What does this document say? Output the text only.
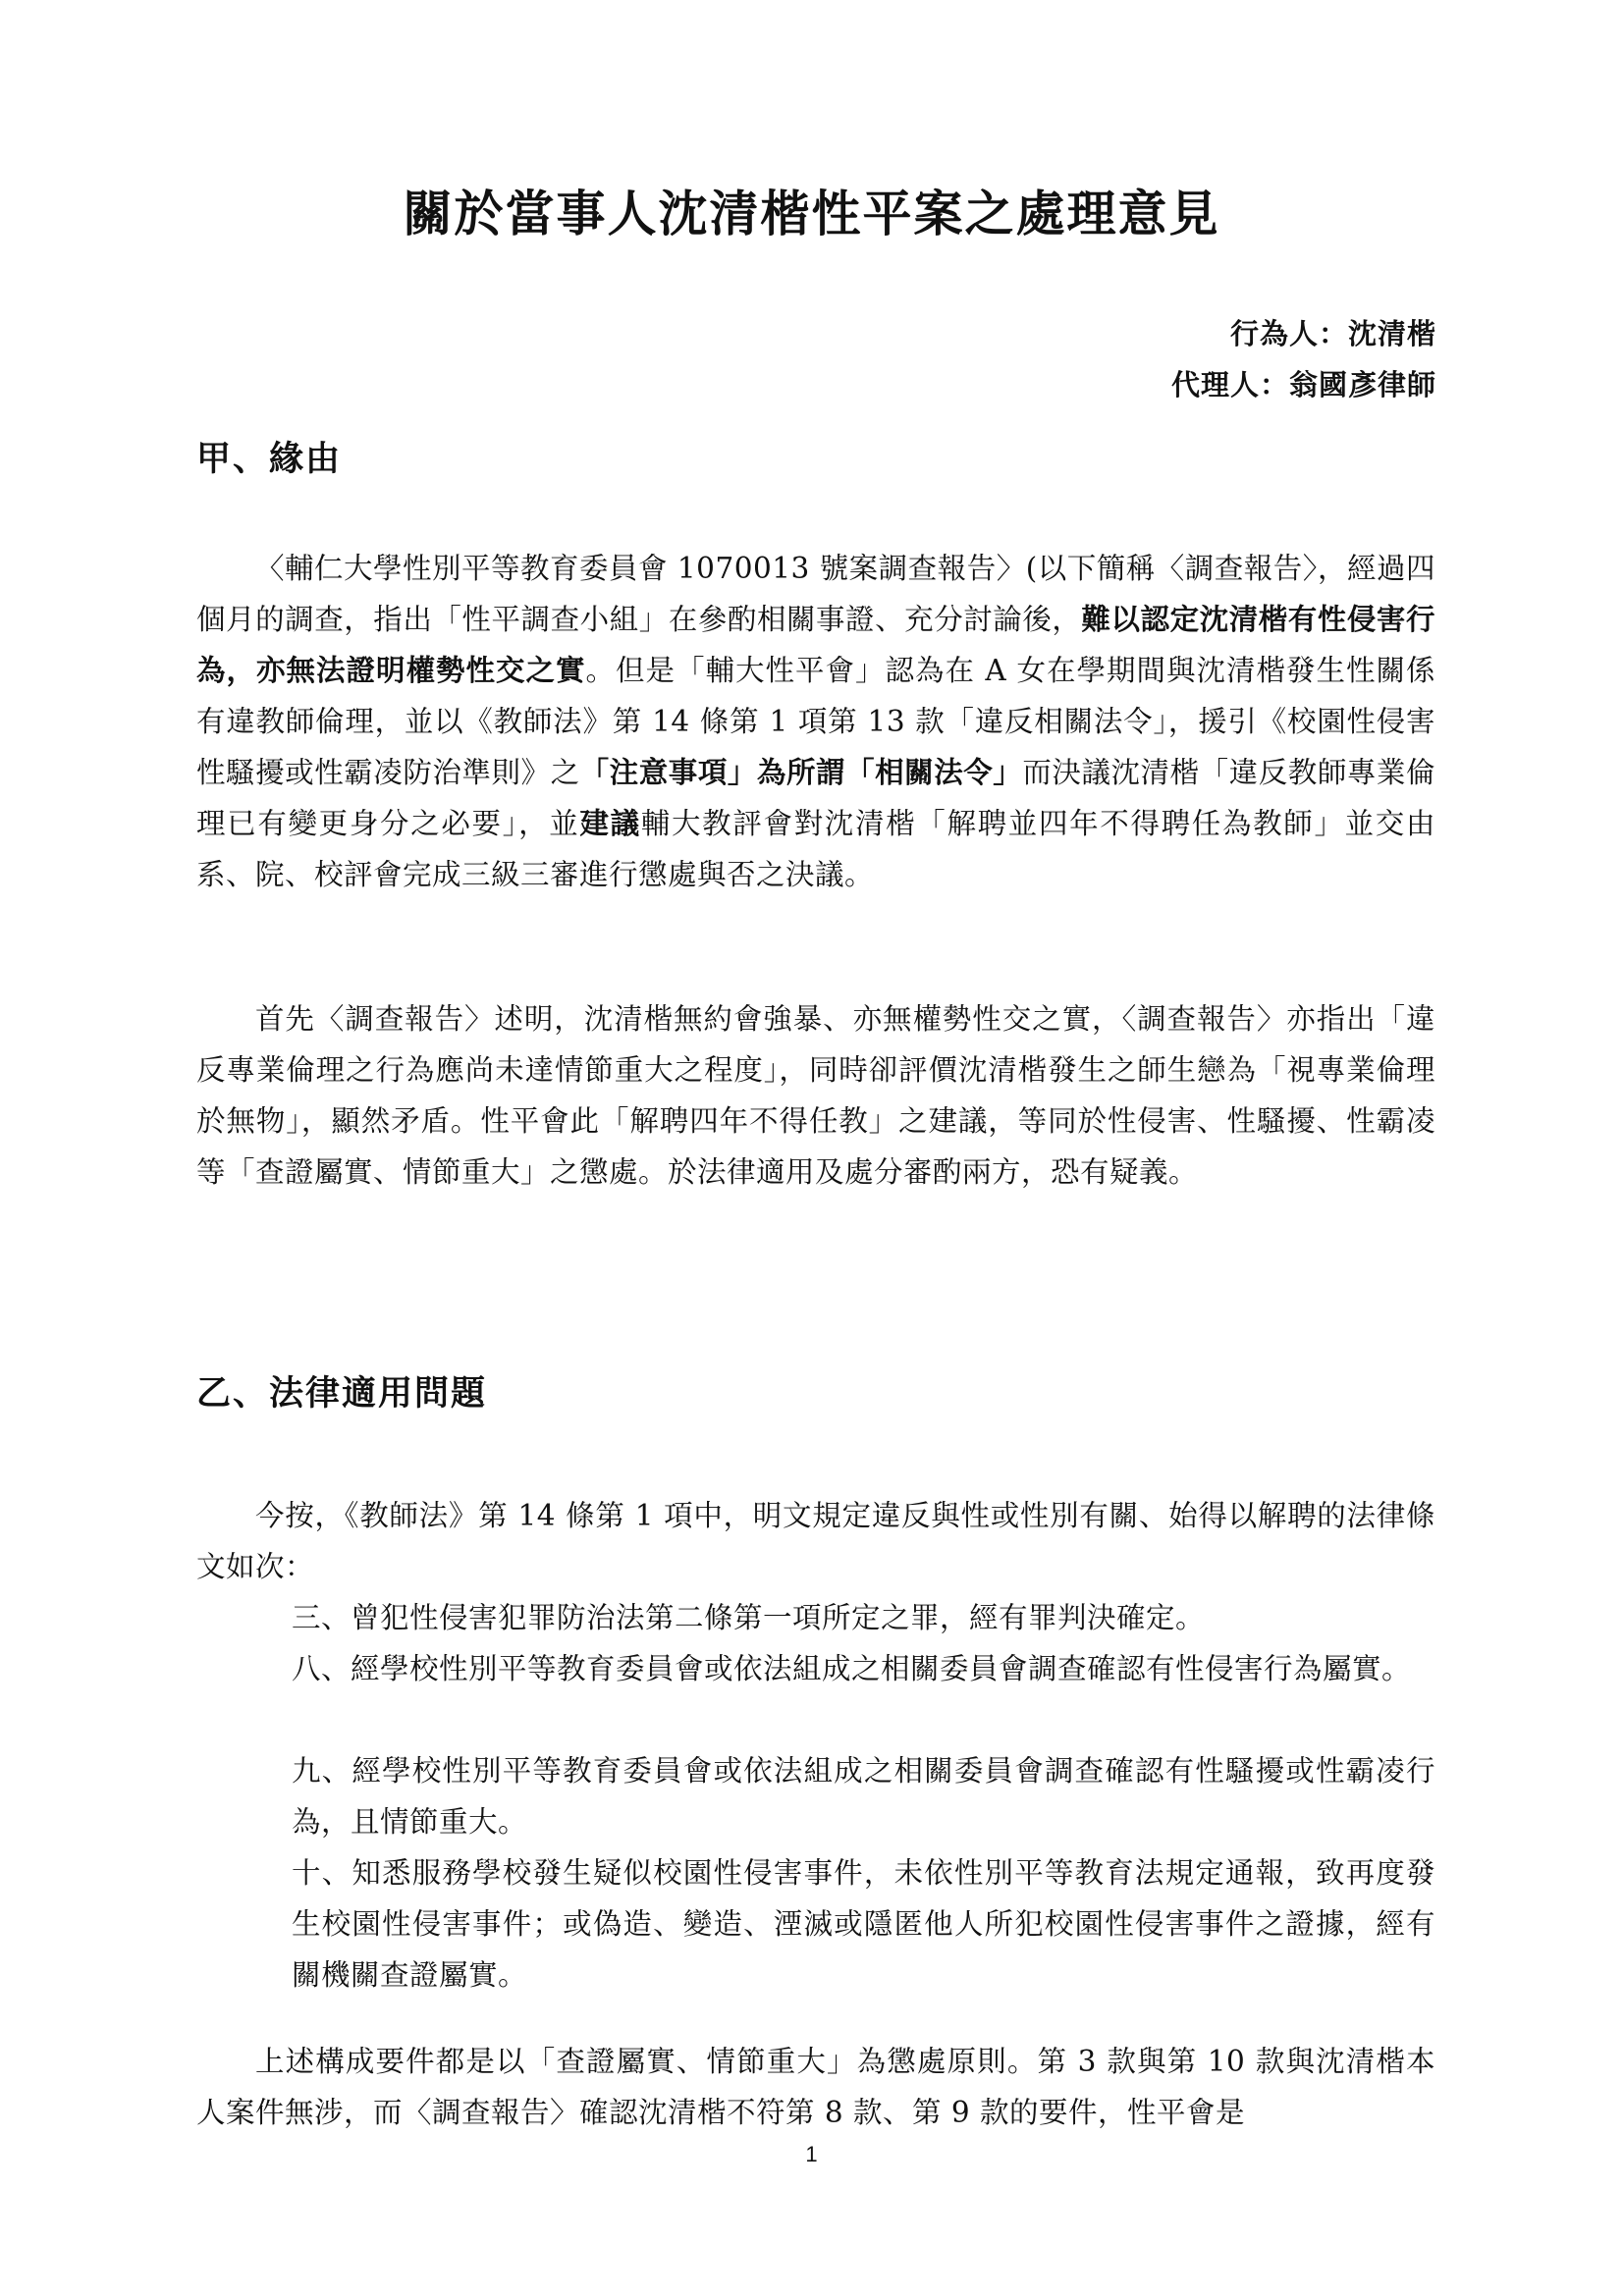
關於當事人沈清楷性平案之處理意見
行為人：沈清楷
代理人：翁國彥律師
甲、緣由
〈輔仁大學性別平等教育委員會 1070013 號案調查報告〉(以下簡稱〈調查報告〉，經過四個月的調查，指出「性平調查小組」在參酌相關事證、充分討論後，難以認定沈清楷有性侵害行為，亦無法證明權勢性交之實。但是「輔大性平會」認為在 A 女在學期間與沈清楷發生性關係有違教師倫理，並以《教師法》第 14 條第 1 項第 13 款「違反相關法令」，援引《校園性侵害性騷擾或性霸凌防治準則》之「注意事項」為所謂「相關法令」而決議沈清楷「違反教師專業倫理已有變更身分之必要」，並建議輔大教評會對沈清楷「解聘並四年不得聘任為教師」並交由系、院、校評會完成三級三審進行懲處與否之決議。
首先〈調查報告〉述明，沈清楷無約會強暴、亦無權勢性交之實，〈調查報告〉亦指出「違反專業倫理之行為應尚未達情節重大之程度」，同時卻評價沈清楷發生之師生戀為「視專業倫理於無物」，顯然矛盾。性平會此「解聘四年不得任教」之建議，等同於性侵害、性騷擾、性霸凌等「查證屬實、情節重大」之懲處。於法律適用及處分審酌兩方，恐有疑義。
乙、法律適用問題
今按，《教師法》第 14 條第 1 項中，明文規定違反與性或性別有關、始得以解聘的法律條文如次：
三、曾犯性侵害犯罪防治法第二條第一項所定之罪，經有罪判決確定。
八、經學校性別平等教育委員會或依法組成之相關委員會調查確認有性侵害行為屬實。
九、經學校性別平等教育委員會或依法組成之相關委員會調查確認有性騷擾或性霸凌行為，且情節重大。
十、知悉服務學校發生疑似校園性侵害事件，未依性別平等教育法規定通報，致再度發生校園性侵害事件；或偽造、變造、湮滅或隱匿他人所犯校園性侵害事件之證據，經有關機關查證屬實。
上述構成要件都是以「查證屬實、情節重大」為懲處原則。第 3 款與第 10 款與沈清楷本人案件無涉，而〈調查報告〉確認沈清楷不符第 8 款、第 9 款的要件，性平會是
1
